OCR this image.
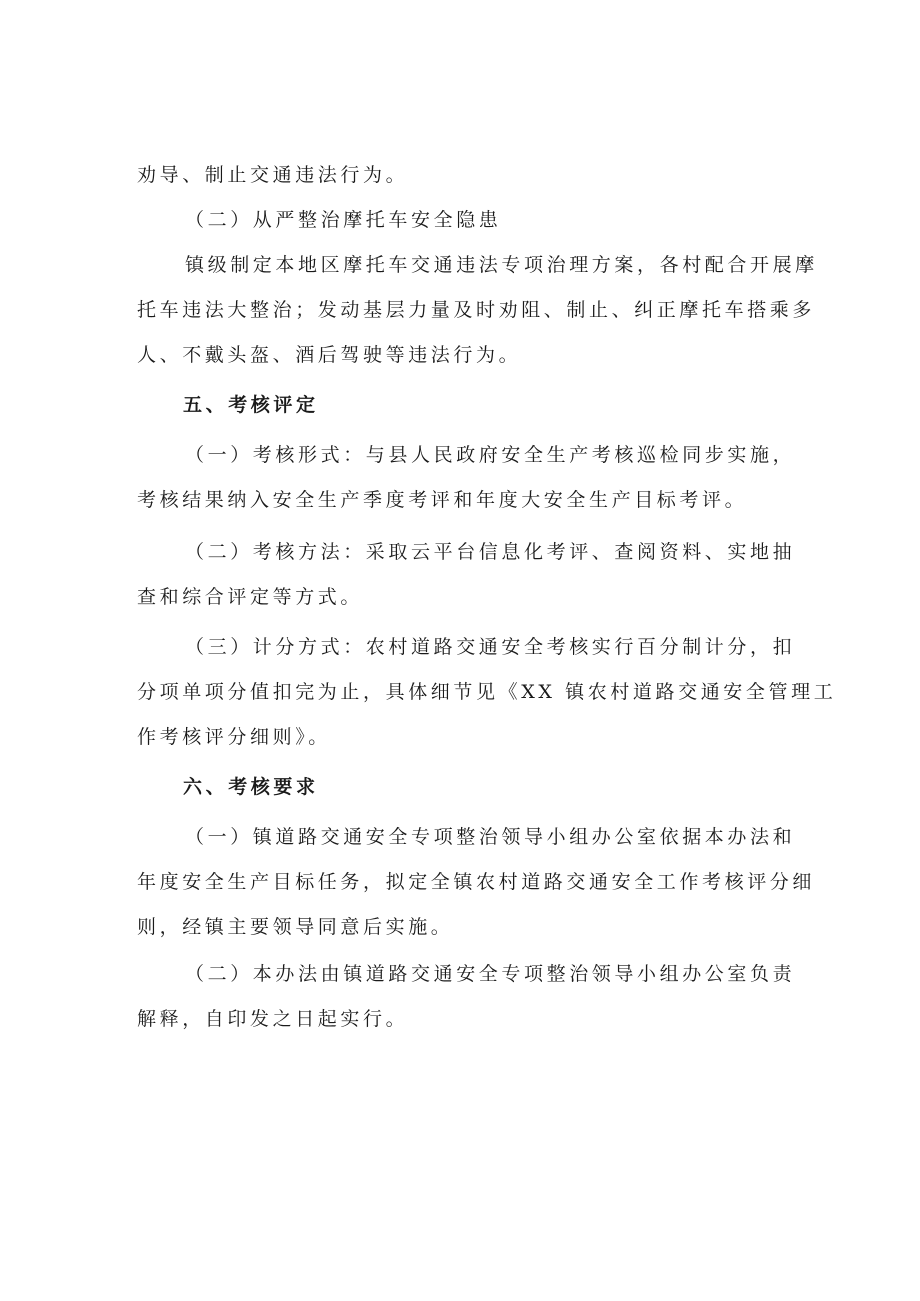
劝导、制止交通违法行为。
（二）从严整治摩托车安全隐患
镇级制定本地区摩托车交通违法专项治理方案，各村配合开展摩
托车违法大整治；发动基层力量及时劝阻、制止、纠正摩托车搭乘多
人、不戴头盔、酒后驾驶等违法行为。
五、考核评定
（一）考核形式：与县人民政府安全生产考核巡检同步实施，
考核结果纳入安全生产季度考评和年度大安全生产目标考评。
（二）考核方法：采取云平台信息化考评、查阅资料、实地抽
查和综合评定等方式。
（三）计分方式：农村道路交通安全考核实行百分制计分，扣
分项单项分值扣完为止，具体细节见《XX 镇农村道路交通安全管理工
作考核评分细则》。
六、考核要求
（一）镇道路交通安全专项整治领导小组办公室依据本办法和
年度安全生产目标任务，拟定全镇农村道路交通安全工作考核评分细
则，经镇主要领导同意后实施。
（二）本办法由镇道路交通安全专项整治领导小组办公室负责
解释，自印发之日起实行。
